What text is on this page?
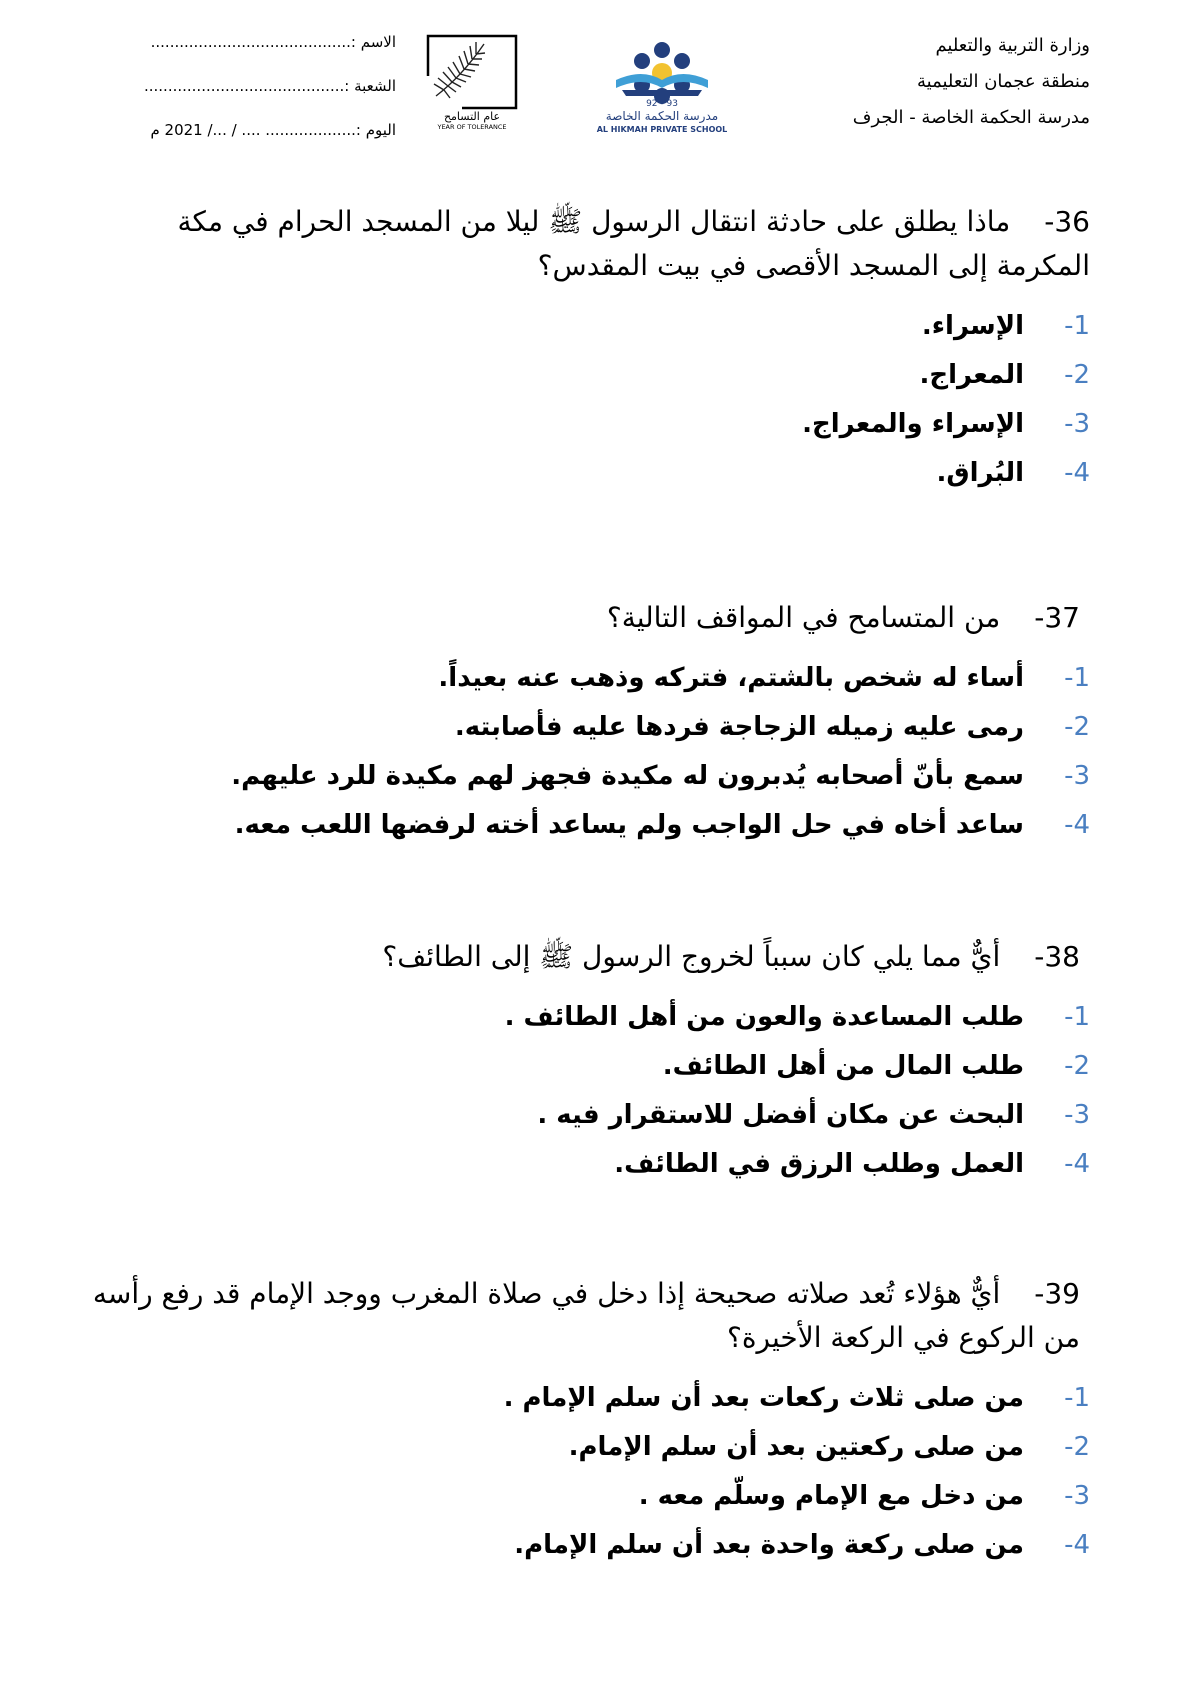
وزارة التربية والتعليم
منطقة عجمان التعليمية
مدرسة الحكمة الخاصة - الجرف
92 - 93
مدرسة الحكمة الخاصة
AL HIKMAH PRIVATE SCHOOL
عام التسامح
YEAR OF TOLERANCE
الاسم :
..........................................
الشعبة :
..........................................
اليوم :
................... .... / .../ 2021 م
36-ماذا يطلق على حادثة انتقال الرسول ﷺ ليلا من المسجد الحرام في مكة المكرمة إلى المسجد الأقصى في بيت المقدس؟
1-
الإسراء.
2-
المعراج.
3-
الإسراء والمعراج.
4-
البُراق.
37-من المتسامح في المواقف التالية؟
1-
أساء له شخص بالشتم، فتركه وذهب عنه بعيداً.
2-
رمى عليه زميله الزجاجة فردها عليه فأصابته.
3-
سمع بأنّ أصحابه يُدبرون له مكيدة فجهز لهم مكيدة للرد عليهم.
4-
ساعد أخاه في حل الواجب ولم يساعد أخته لرفضها اللعب معه.
38-أيٌّ مما يلي كان سبباً لخروج الرسول ﷺ إلى الطائف؟
1-
طلب المساعدة والعون من أهل الطائف .
2-
طلب المال من أهل الطائف.
3-
البحث عن مكان أفضل للاستقرار فيه .
4-
العمل وطلب الرزق في الطائف.
39-أيٌّ هؤلاء تُعد صلاته صحيحة إذا دخل في صلاة المغرب ووجد الإمام قد رفع رأسه من الركوع في الركعة الأخيرة؟
1-
من صلى ثلاث ركعات بعد أن سلم الإمام .
2-
من صلى ركعتين بعد أن سلم الإمام.
3-
من دخل مع الإمام وسلّم معه .
4-
من صلى ركعة واحدة بعد أن سلم الإمام.
